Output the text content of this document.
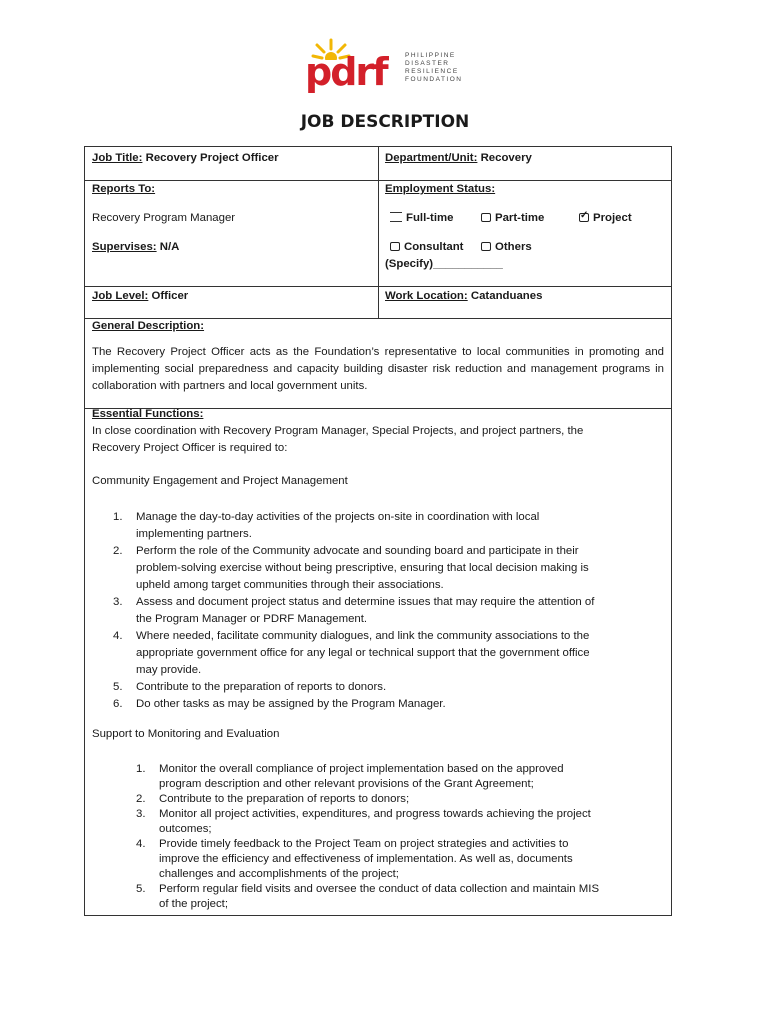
pdrf	PHILIPPINE
DISASTER
RESILIENCE
FOUNDATION
JOB DESCRIPTION
Job Title: Recovery Project Officer	Department/Unit: Recovery
Reports To:
Recovery Program Manager
Supervises: N/A
Employment Status:
Full-time	Part-time
✓	Project
Consultant	Others
(Specify)___________
Job Level: Officer	Work Location: Catanduanes
General Description:
The Recovery Project Officer acts as the Foundation’s representative to local communities in promoting and implementing social preparedness and capacity building disaster risk reduction and management programs in collaboration with partners and local government units.
Essential Functions:
In close coordination with Recovery Program Manager, Special Projects, and project partners, the
Recovery Project Officer is required to:
Community Engagement and Project Management
1. Manage the day-to-day activities of the projects on-site in coordination with local
implementing partners.
2. Perform the role of the Community advocate and sounding board and participate in their
problem-solving exercise without being prescriptive, ensuring that local decision making is
upheld among target communities through their associations.
3. Assess and document project status and determine issues that may require the attention of
the Program Manager or PDRF Management.
4. Where needed, facilitate community dialogues, and link the community associations to the
appropriate government office for any legal or technical support that the government office
may provide.
5. Contribute to the preparation of reports to donors.
6. Do other tasks as may be assigned by the Program Manager.
Support to Monitoring and Evaluation
1. Monitor the overall compliance of project implementation based on the approved
program description and other relevant provisions of the Grant Agreement;
2. Contribute to the preparation of reports to donors;
3. Monitor all project activities, expenditures, and progress towards achieving the project
outcomes;
4. Provide timely feedback to the Project Team on project strategies and activities to
improve the efficiency and effectiveness of implementation. As well as, documents
challenges and accomplishments of the project;
5. Perform regular field visits and oversee the conduct of data collection and maintain MIS
of the project;
